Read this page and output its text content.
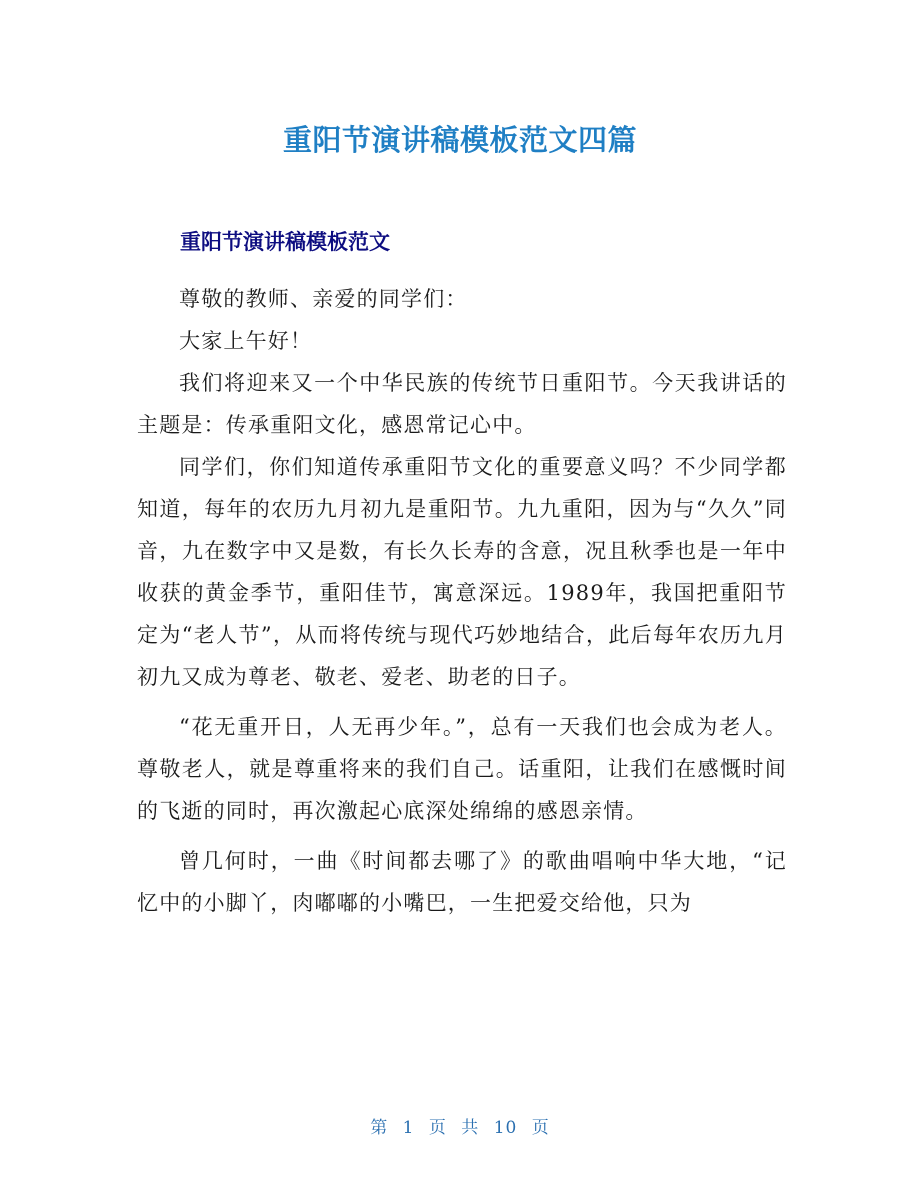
重阳节演讲稿模板范文四篇
重阳节演讲稿模板范文

尊敬的教师、亲爱的同学们：

大家上午好！

我们将迎来又一个中华民族的传统节日重阳节。今天我讲话的主题是：传承重阳文化，感恩常记心中。

同学们，你们知道传承重阳节文化的重要意义吗？不少同学都知道，每年的农历九月初九是重阳节。九九重阳，因为与“久久”同音，九在数字中又是数，有长久长寿的含意，况且秋季也是一年中收获的黄金季节，重阳佳节，寓意深远。1989年，我国把重阳节定为“老人节”，从而将传统与现代巧妙地结合，此后每年农历九月初九又成为尊老、敬老、爱老、助老的日子。

“花无重开日，人无再少年。”，总有一天我们也会成为老人。尊敬老人，就是尊重将来的我们自己。话重阳，让我们在感慨时间的飞逝的同时，再次激起心底深处绵绵的感恩亲情。

曾几何时，一曲《时间都去哪了》的歌曲唱响中华大地，“记忆中的小脚丫，肉嘟嘟的小嘴巴，一生把爱交给他，只为

第 1 页 共 10 页
